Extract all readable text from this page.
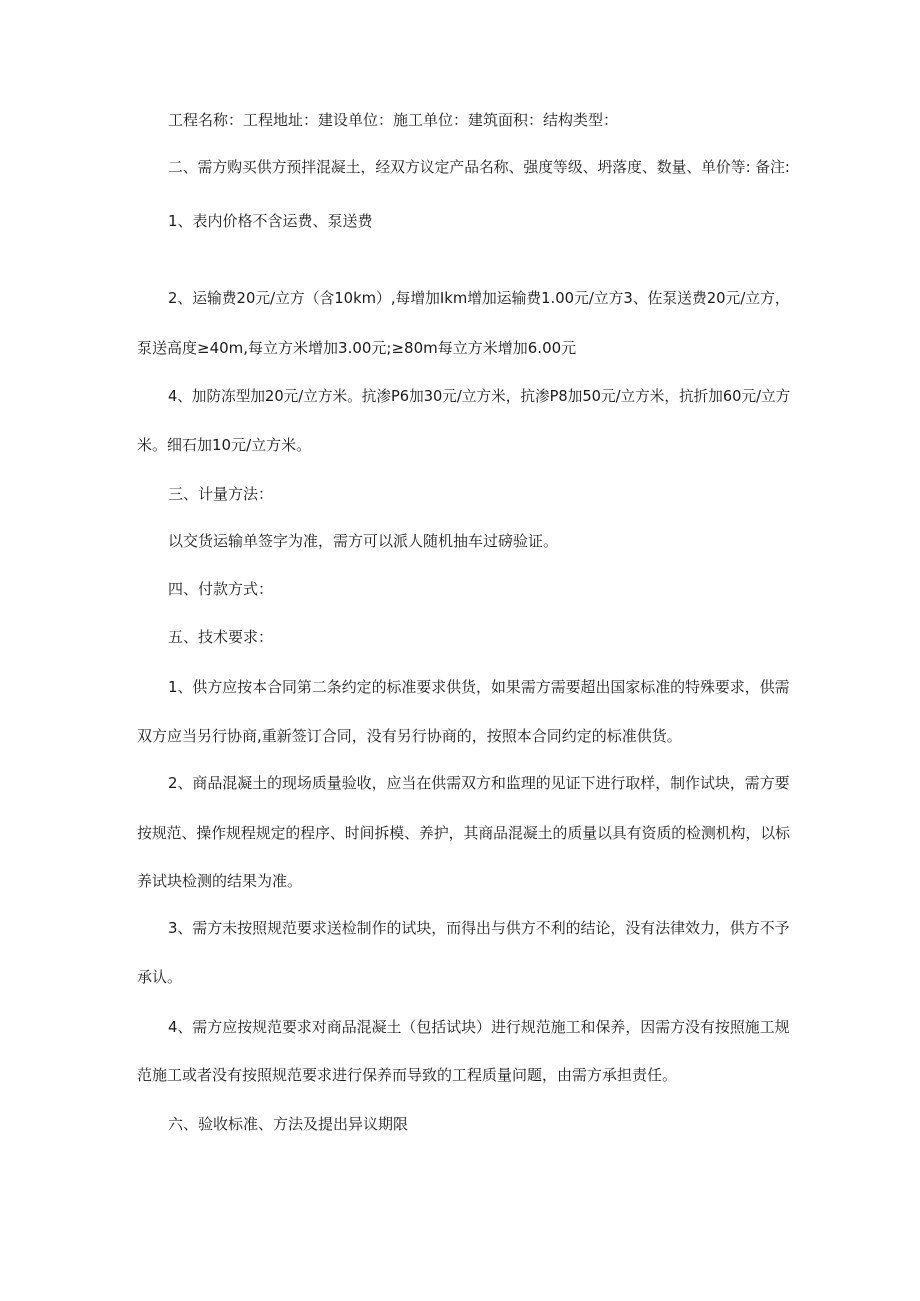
工程名称：工程地址：建设单位：施工单位：建筑面积：结构类型：
二、需方购买供方预拌混凝土，经双方议定产品名称、强度等级、坍落度、数量、单价等: 备注:
1、表内价格不含运费、泵送费
2、运输费20元/立方（含10km）,每增加Ikm增加运输费1.00元/立方3、佐泵送费20元/立方，
泵送高度≥40m,每立方米增加3.00元;≥80m每立方米增加6.00元
4、加防冻型加20元/立方米。抗渗P6加30元/立方米，抗渗P8加50元/立方米，抗折加60元/立方
米。细石加10元/立方米。
三、计量方法：
以交货运输单签字为准，需方可以派人随机抽车过磅验证。
四、付款方式：
五、技术要求：
1、供方应按本合同第二条约定的标准要求供货，如果需方需要超出国家标准的特殊要求，供需
双方应当另行协商,重新签订合同，没有另行协商的，按照本合同约定的标准供货。
2、商品混凝土的现场质量验收，应当在供需双方和监理的见证下进行取样，制作试块，需方要
按规范、操作规程规定的程序、时间拆模、养护，其商品混凝土的质量以具有资质的检测机构，以标
养试块检测的结果为准。
3、需方未按照规范要求送检制作的试块，而得出与供方不利的结论，没有法律效力，供方不予
承认。
4、需方应按规范要求对商品混凝土（包括试块）进行规范施工和保养，因需方没有按照施工规
范施工或者没有按照规范要求进行保养而导致的工程质量问题，由需方承担责任。
六、验收标准、方法及提出异议期限
